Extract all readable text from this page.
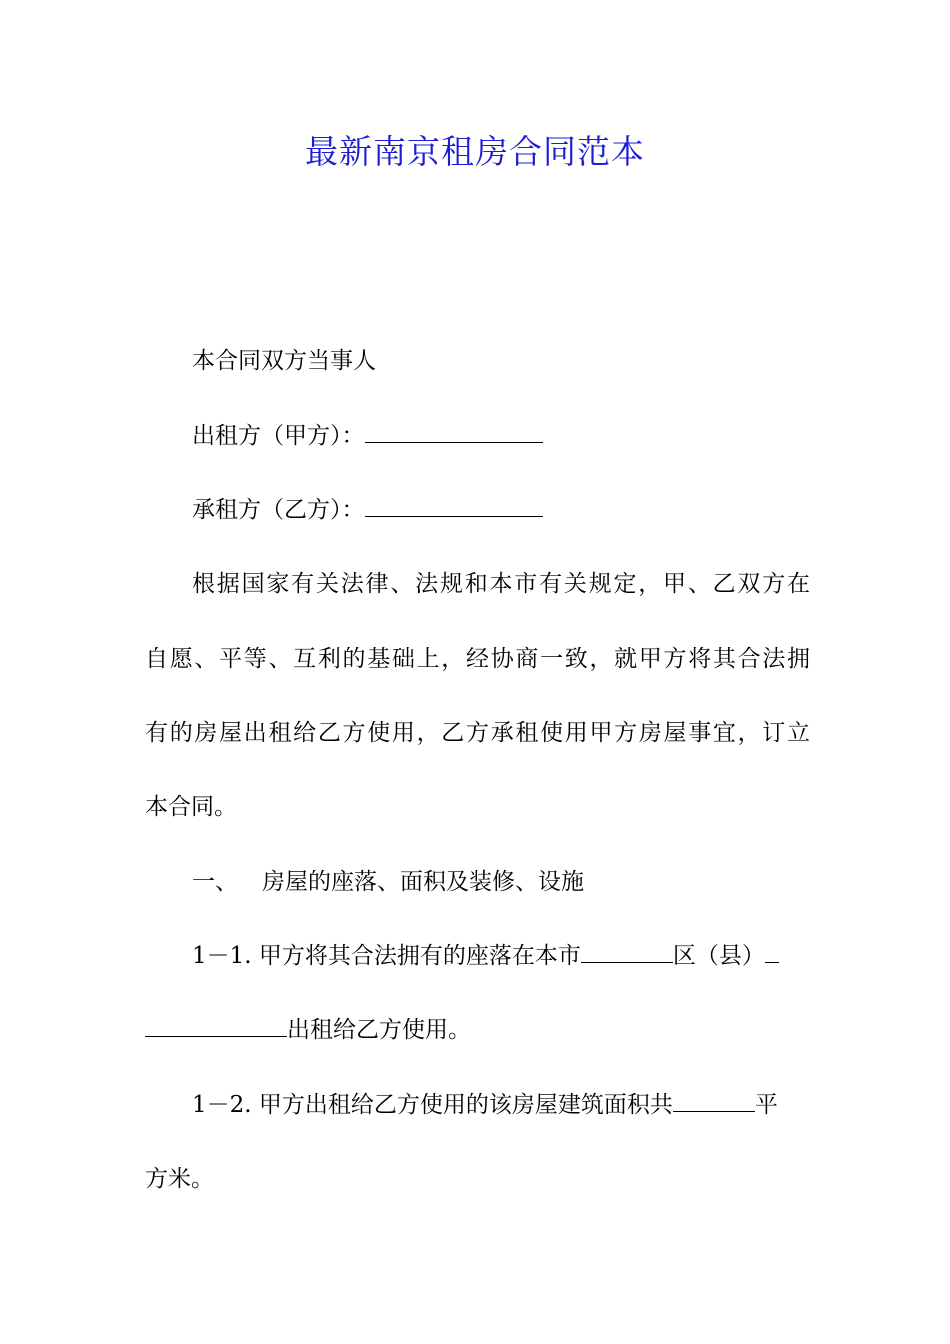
最新南京租房合同范本
本合同双方当事人
出租方（甲方）：
承租方（乙方）：
根据国家有关法律、法规和本市有关规定，甲、乙双方在
自愿、平等、互利的基础上，经协商一致，就甲方将其合法拥
有的房屋出租给乙方使用，乙方承租使用甲方房屋事宜，订立
本合同。
一、 房屋的座落、面积及装修、设施
1－1. 甲方将其合法拥有的座落在本市	区（县）
出租给乙方使用。
1－2. 甲方出租给乙方使用的该房屋建筑面积共	平
方米。
